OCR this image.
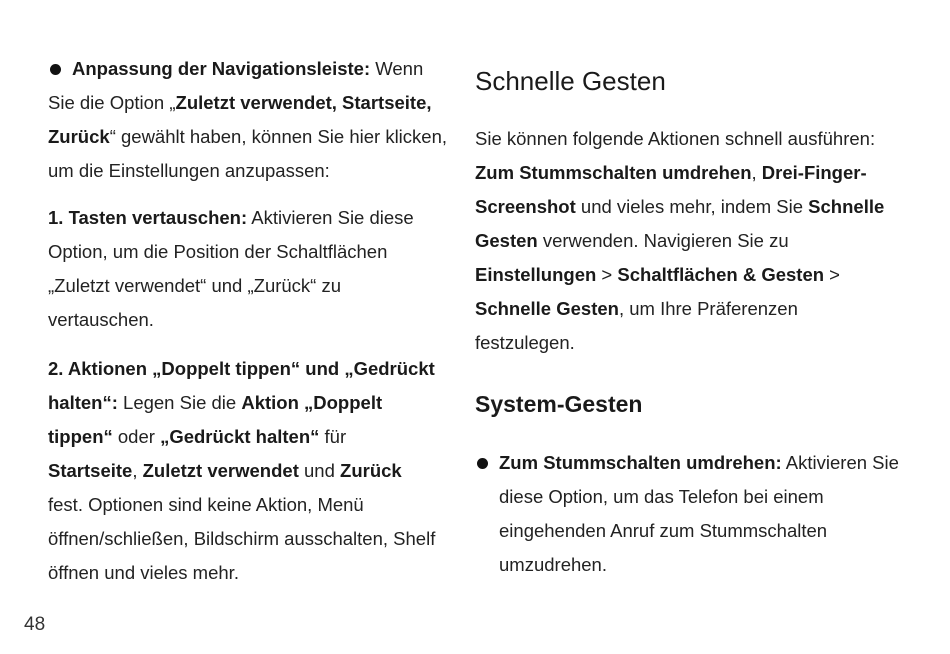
Anpassung der Navigationsleiste: Wenn Sie die Option „Zuletzt verwendet, Startseite, Zurück“ gewählt haben, können Sie hier klicken, um die Einstellungen anzupassen:

1. Tasten vertauschen: Aktivieren Sie diese Option, um die Position der Schaltflächen „Zuletzt verwendet“ und „Zurück“ zu vertauschen.

2. Aktionen „Doppelt tippen“ und „Gedrückt halten“: Legen Sie die Aktion „Doppelt tippen“ oder „Gedrückt halten“ für Startseite, Zuletzt verwendet und Zurück fest. Optionen sind keine Aktion, Menü öffnen/schließen, Bildschirm ausschalten, Shelf öffnen und vieles mehr.

Schnelle Gesten

Sie können folgende Aktionen schnell ausführen: Zum Stummschalten umdrehen, Drei-Finger-Screenshot und vieles mehr, indem Sie Schnelle Gesten verwenden. Navigieren Sie zu Einstellungen > Schaltflächen & Gesten > Schnelle Gesten, um Ihre Präferenzen festzulegen.

System-Gesten

Zum Stummschalten umdrehen: Aktivieren Sie diese Option, um das Telefon bei einem eingehenden Anruf zum Stummschalten umzudrehen.

48
